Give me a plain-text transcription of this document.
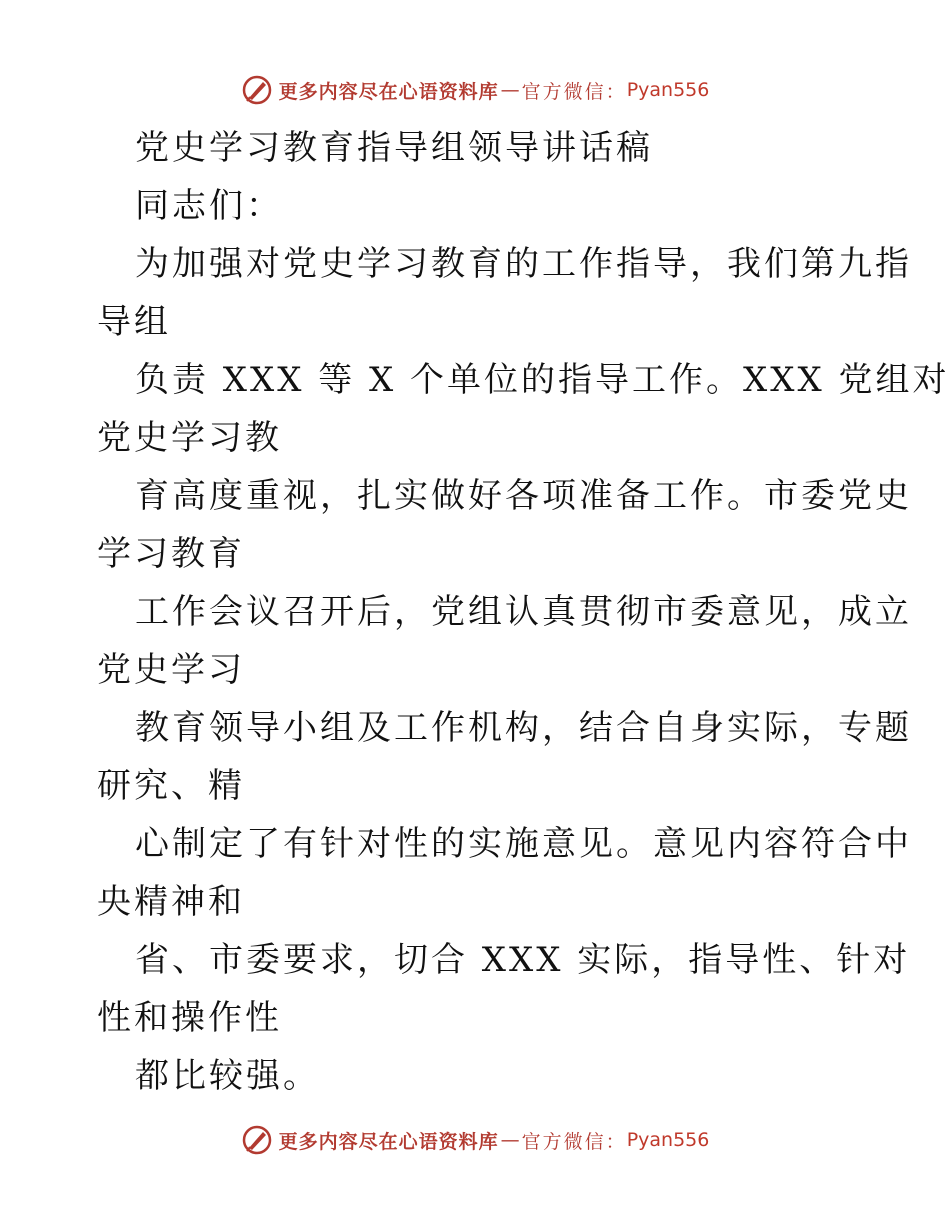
更多内容尽在心语资料库 — 官方微信： Pyan556

党史学习教育指导组领导讲话稿

同志们：

为加强对党史学习教育的工作指导，我们第九指

导组

负责 XXX 等 X 个单位的指导工作。XXX 党组对

党史学习教

育高度重视，扎实做好各项准备工作。市委党史

学习教育

工作会议召开后，党组认真贯彻市委意见，成立

党史学习

教育领导小组及工作机构，结合自身实际，专题

研究、精

心制定了有针对性的实施意见。意见内容符合中

央精神和

省、市委要求，切合 XXX 实际，指导性、针对

性和操作性

都比较强。

更多内容尽在心语资料库 — 官方微信： Pyan556
